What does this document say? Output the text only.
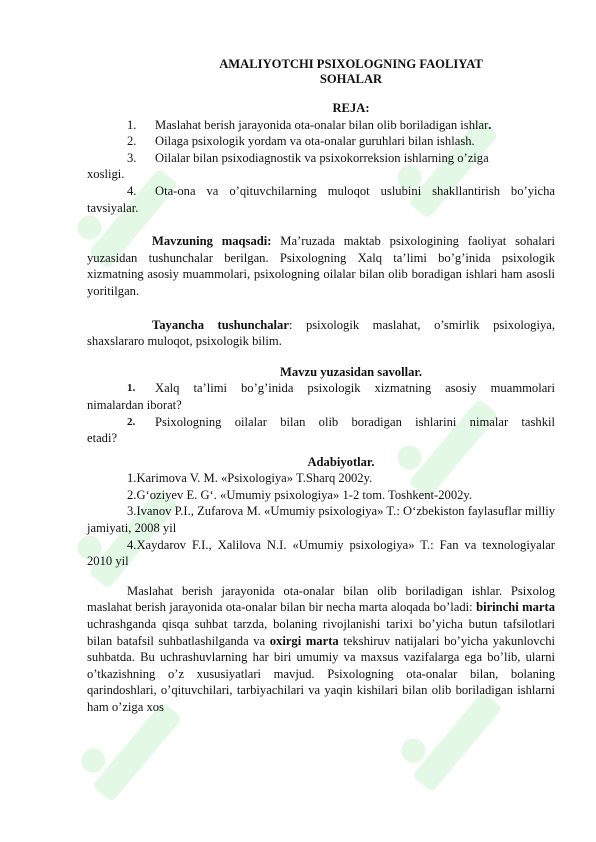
AMALIYOTCHI PSIXOLOGNING FAOLIYAT
SOHALAR
REJA:
1.	Maslahat berish jarayonida ota-onalar bilan olib boriladigan ishlar.
2.	Oilaga psixologik yordam va ota-onalar guruhlari bilan ishlash.
3.	Oilalar bilan psixodiagnostik va psixokorreksion ishlarning o’ziga
xosligi.
4.	Ota-ona va o’qituvchilarning muloqot uslubini shakllantirish bo’yicha
tavsiyalar.
Mavzuning maqsadi: Ma’ruzada maktab psixologining faoliyat sohalari yuzasidan tushunchalar berilgan. Psixologning Xalq ta’limi bo’g’inida psixologik xizmatning asosiy muammolari, psixologning oilalar bilan olib boradigan ishlari ham asosli yoritilgan.
Tayancha tushunchalar: psixologik maslahat, o’smirlik psixologiya, shaxslararo muloqot, psixologik bilim.
Mavzu yuzasidan savollar.
1.	Xalq ta’limi bo’g’inida psixologik xizmatning asosiy muammolari
nimalardan iborat?
2.	Psixologning oilalar bilan olib boradigan ishlarini nimalar tashkil
etadi?
Adabiyotlar.
1.Karimova V. M. «Psixologiya» T.Sharq 2002y.
2.G‘oziyev E. G‘. «Umumiy psixologiya» 1-2 tom. Toshkent-2002y.
3.Ivanov P.I., Zufarova M. «Umumiy psixologiya» T.: O‘zbekiston faylasuflar milliy jamiyati, 2008 yil
4.Xaydarov F.I., Xalilova N.I. «Umumiy psixologiya» T.: Fan va texnologiyalar 2010 yil
Maslahat berish jarayonida ota-onalar bilan olib boriladigan ishlar. Psixolog maslahat berish jarayonida ota-onalar bilan bir necha marta aloqada bo’ladi: birinchi marta uchrashganda qisqa suhbat tarzda, bolaning rivojlanishi tarixi bo’yicha butun tafsilotlari bilan batafsil suhbatlashilganda va oxirgi marta tekshiruv natijalari bo’yicha yakunlovchi suhbatda. Bu uchrashuvlarning har biri umumiy va maxsus vazifalarga ega bo’lib, ularni o’tkazishning o’z xususiyatlari mavjud. Psixologning ota-onalar bilan, bolaning qarindoshlari, o’qituvchilari, tarbiyachilari va yaqin kishilari bilan olib boriladigan ishlarni ham o’ziga xos
